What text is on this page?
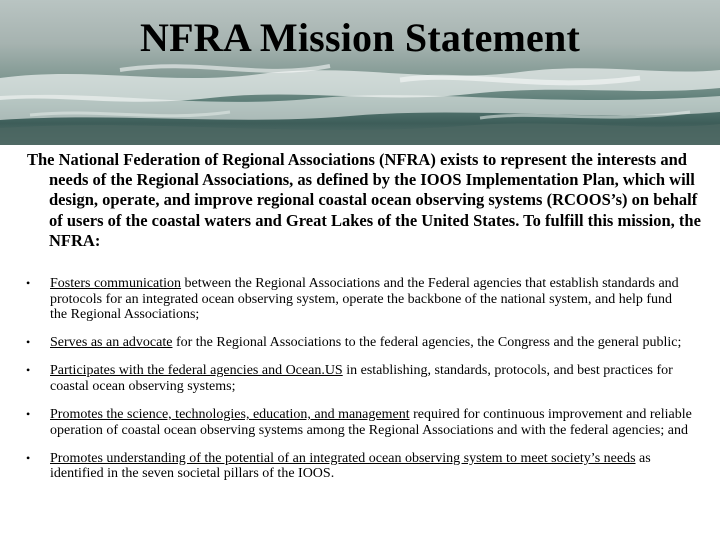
NFRA Mission Statement

The National Federation of Regional Associations (NFRA) exists to represent the interests and needs of the Regional Associations, as defined by the IOOS Implementation Plan, which will design, operate, and improve regional coastal ocean observing systems (RCOOS’s) on behalf of users of the coastal waters and Great Lakes of the United States. To fulfill this mission, the NFRA:

• Fosters communication between the Regional Associations and the Federal agencies that establish standards and protocols for an integrated ocean observing system, operate the backbone of the national system, and help fund the Regional Associations;
• Serves as an advocate for the Regional Associations to the federal agencies, the Congress and the general public;
• Participates with the federal agencies and Ocean.US in establishing, standards, protocols, and best practices for coastal ocean observing systems;
• Promotes the science, technologies, education, and management required for continuous improvement and reliable operation of coastal ocean observing systems among the Regional Associations and with the federal agencies; and
• Promotes understanding of the potential of an integrated ocean observing system to meet society’s needs as identified in the seven societal pillars of the IOOS.
